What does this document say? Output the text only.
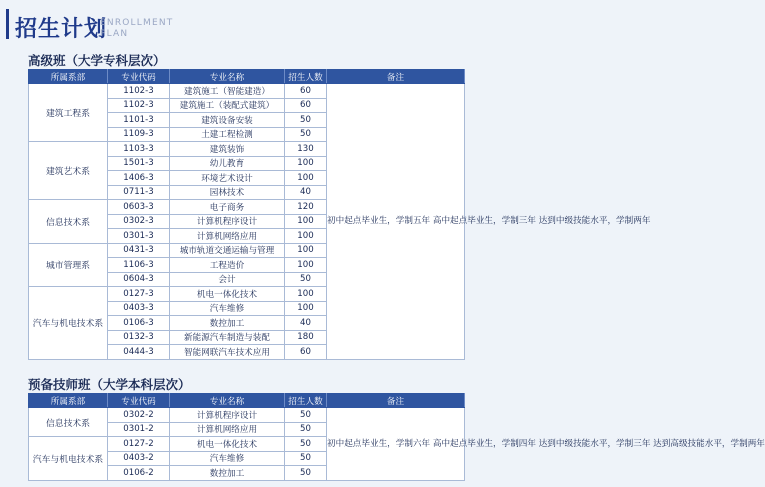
招生计划
ENROLLMENT PLAN
高级班（大学专科层次）
所属系部	专业代码	专业名称	招生人数	备注
建筑工程系	1102-3	建筑施工（智能建造）	60	初中起点毕业生，学制五年 高中起点毕业生，学制三年 达到中级技能水平，学制两年
	1102-3	建筑施工（装配式建筑）	60	
	1101-3	建筑设备安装	50	
	1109-3	土建工程检测	50	
建筑艺术系	1103-3	建筑装饰	130	
	1501-3	幼儿教育	100	
	1406-3	环境艺术设计	100	
	0711-3	园林技术	40	
信息技术系	0603-3	电子商务	120	
	0302-3	计算机程序设计	100	
	0301-3	计算机网络应用	100	
城市管理系	0431-3	城市轨道交通运输与管理	100	
	1106-3	工程造价	100	
	0604-3	会计	50	
汽车与机电技术系	0127-3	机电一体化技术	100	
	0403-3	汽车维修	100	
	0106-3	数控加工	40	
	0132-3	新能源汽车制造与装配	180	
	0444-3	智能网联汽车技术应用	60	
预备技师班（大学本科层次）
所属系部	专业代码	专业名称	招生人数	备注
信息技术系	0302-2	计算机程序设计	50	初中起点毕业生，学制六年 高中起点毕业生，学制四年 达到中级技能水平，学制三年 达到高级技能水平，学制两年
	0301-2	计算机网络应用	50	
汽车与机电技术系	0127-2	机电一体化技术	50	
	0403-2	汽车维修	50	
	0106-2	数控加工	50	
